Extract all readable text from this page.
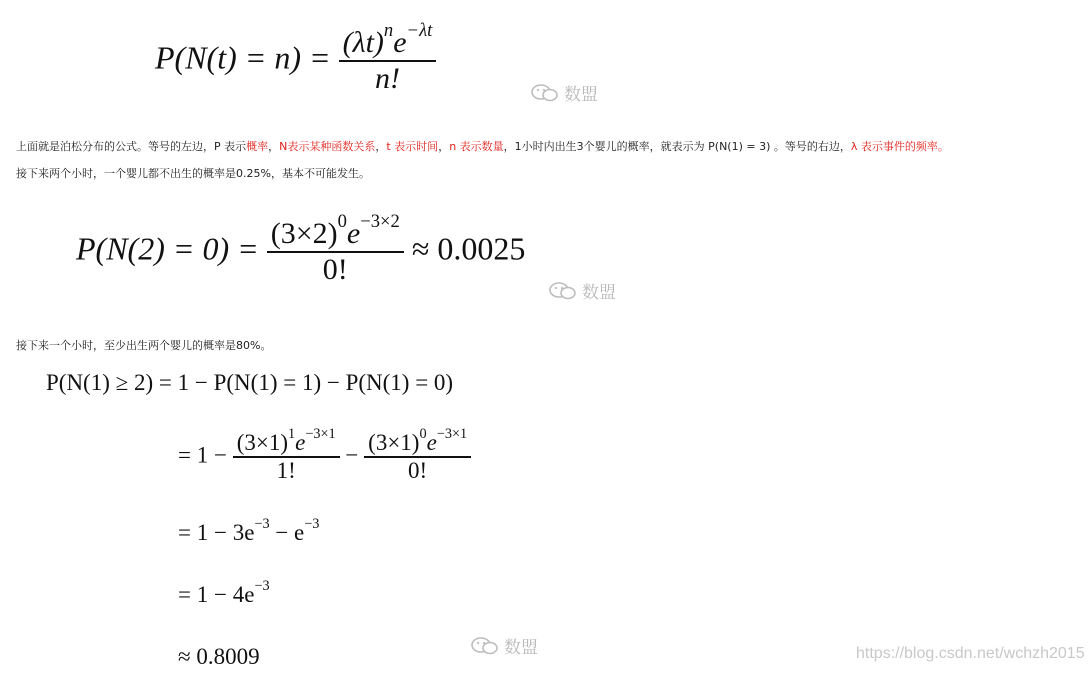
$P(N(t) = n) = \frac{(\lambda t)^ne^{-\lambda t}}{n!}$	数盟
上面就是泊松分布的公式。等号的左边，P 表示概率，N表示某种函数关系，t 表示时间，n 表示数量，1小时内出生3个婴儿的概率，就表示为 P(N(1) = 3) 。等号的右边，λ 表示事件的频率。
接下来两个小时，一个婴儿都不出生的概率是0.25%，基本不可能发生。
$P(N(2) = 0) = \frac{(3\times 2)^0e^{-3\times 2}}{0!} \approx 0.0025$
数盟
接下来一个小时，至少出生两个婴儿的概率是80%。
P(N(1) ≥ 2) = 1 − P(N(1) = 1) − P(N(1) = 0)
= $1 - \frac{(3\times 1)^1e^{-3\times 1}}{1!} - \frac{(3\times 1)^0e^{-3\times 1}}{0!}$
= $1 - 3e^{-3} - e^{-3}$
= $1 - 4e^{-3}$
≈ 0.8009	数盟	https://blog.csdn.net/wchzh2015
